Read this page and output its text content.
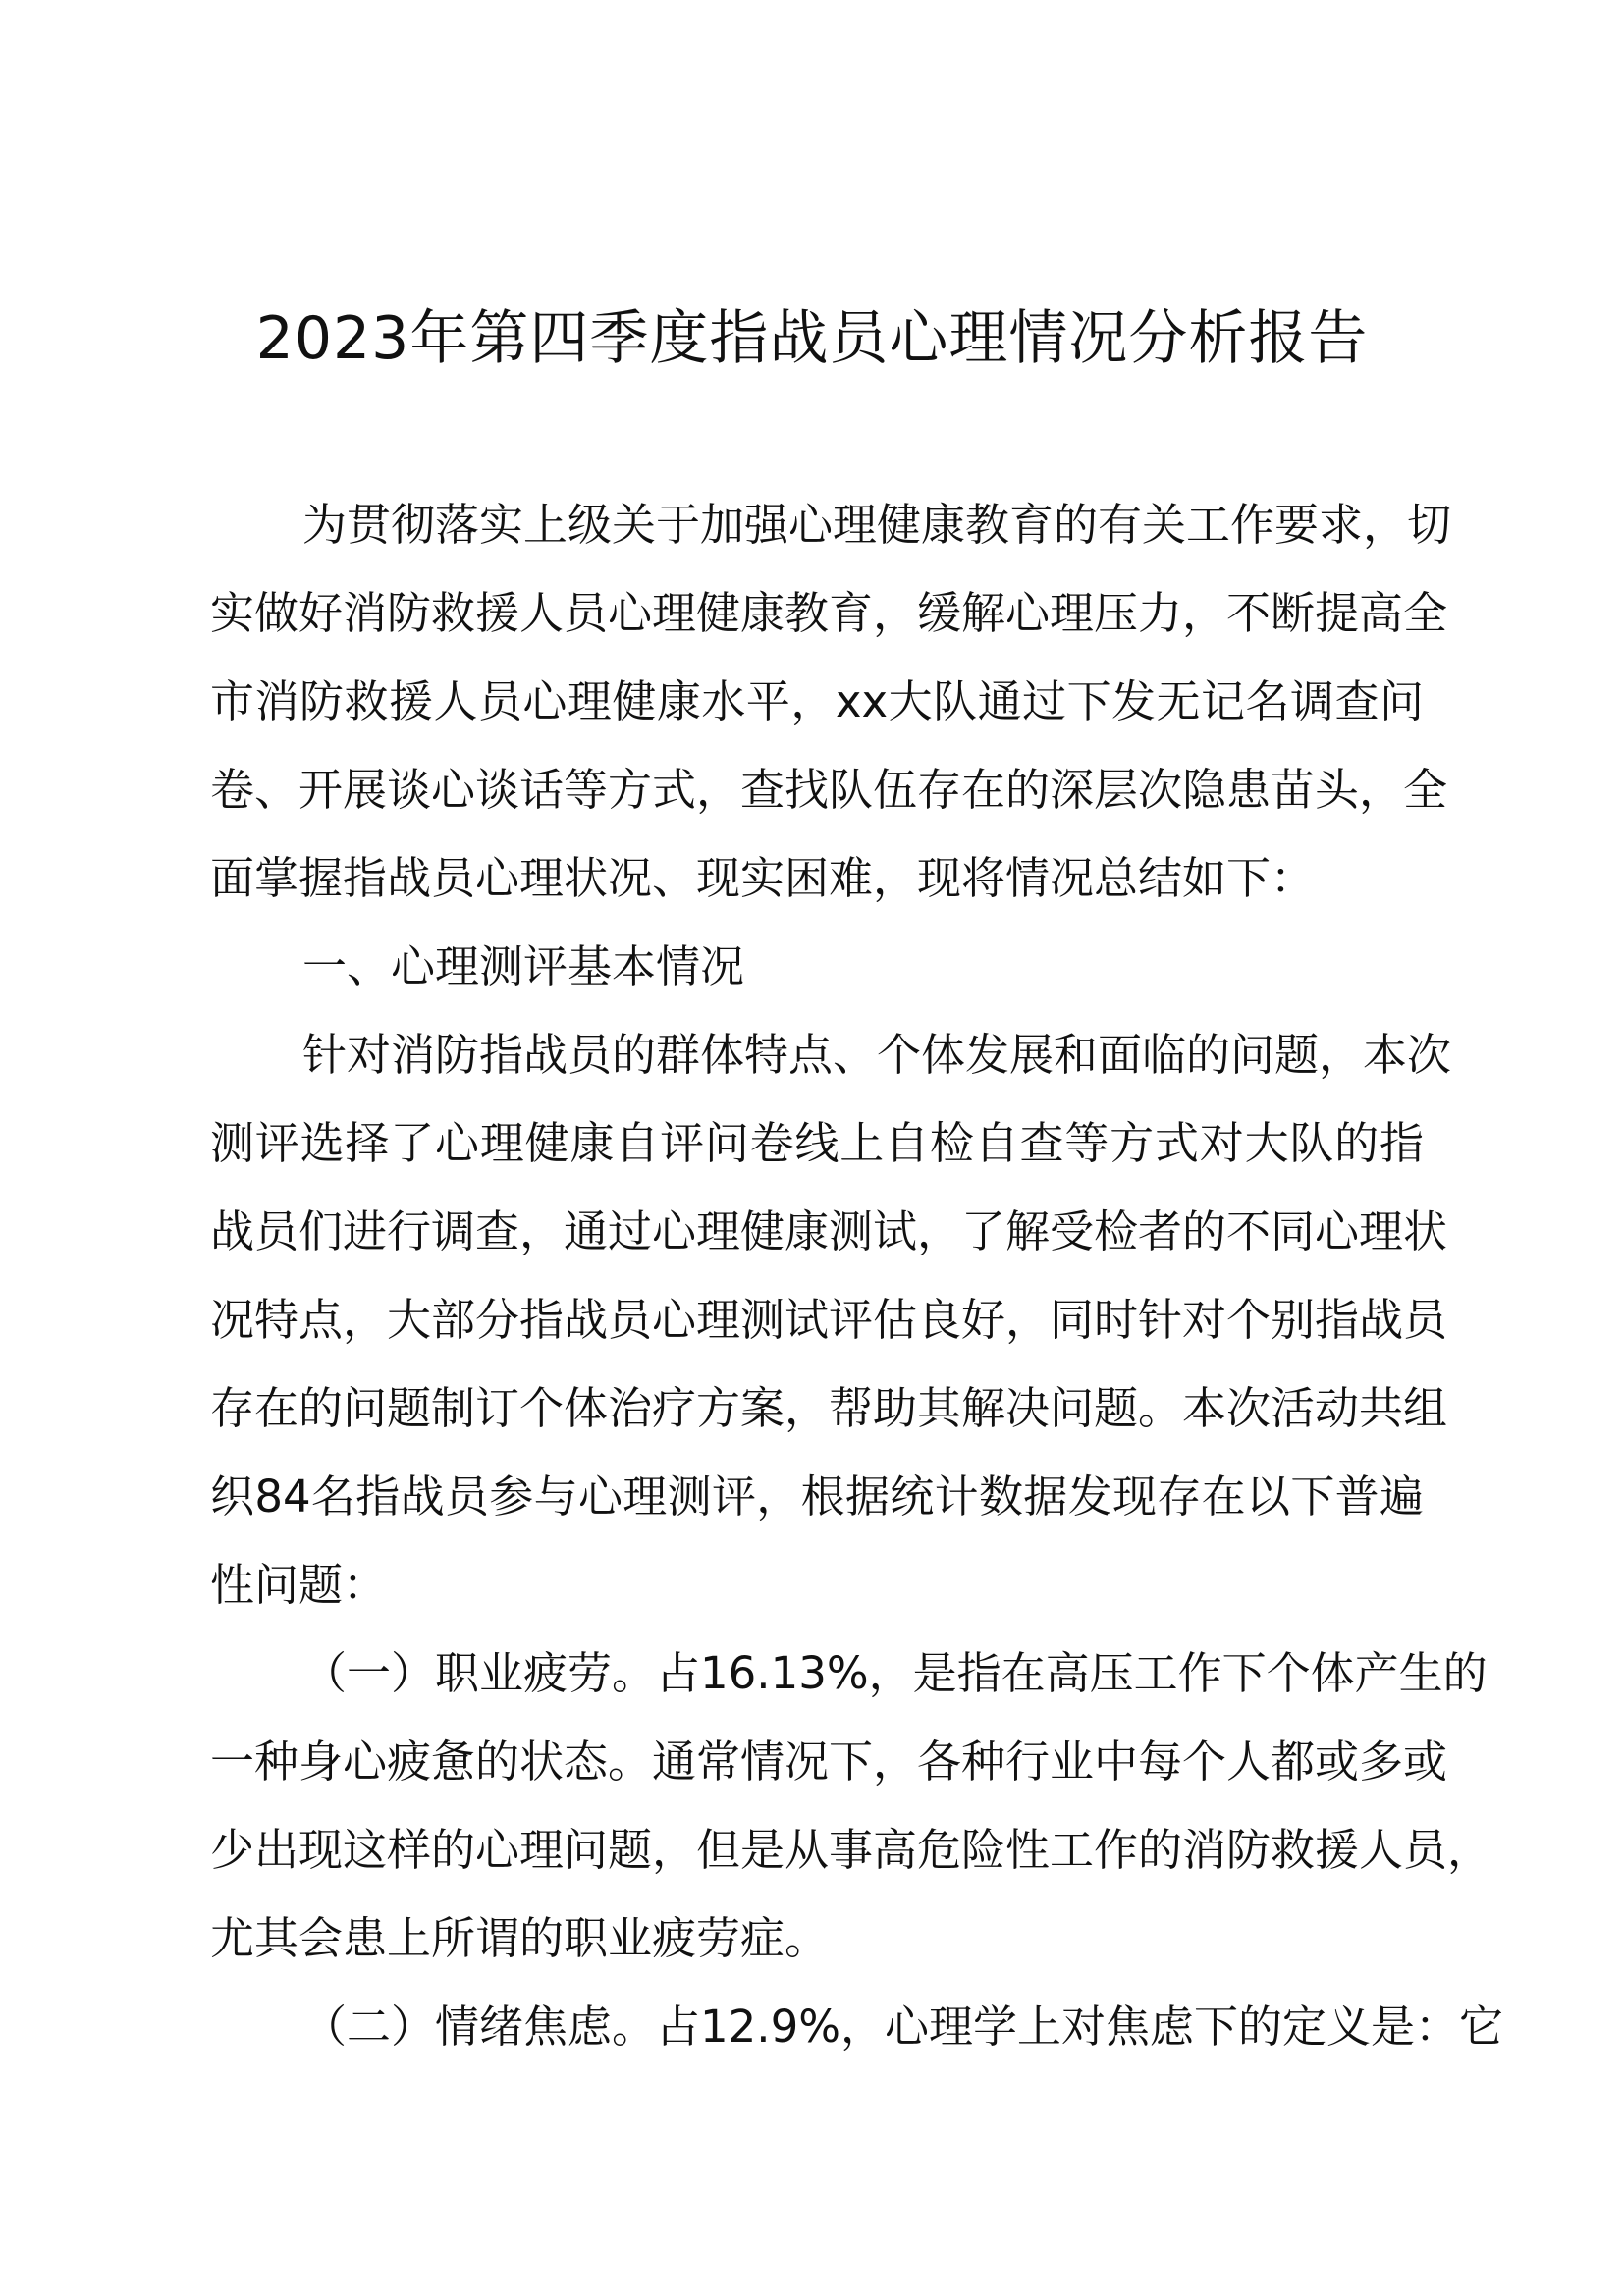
2023年第四季度指战员心理情况分析报告
为贯彻落实上级关于加强心理健康教育的有关工作要求，切
实做好消防救援人员心理健康教育，缓解心理压力，不断提高全
市消防救援人员心理健康水平，xx大队通过下发无记名调查问
卷、开展谈心谈话等方式，查找队伍存在的深层次隐患苗头，全
面掌握指战员心理状况、现实困难，现将情况总结如下：
一、心理测评基本情况
针对消防指战员的群体特点、个体发展和面临的问题，本次
测评选择了心理健康自评问卷线上自检自查等方式对大队的指
战员们进行调查，通过心理健康测试，了解受检者的不同心理状
况特点，大部分指战员心理测试评估良好，同时针对个别指战员
存在的问题制订个体治疗方案，帮助其解决问题。本次活动共组
织84名指战员参与心理测评，根据统计数据发现存在以下普遍
性问题：
（一）职业疲劳。占16.13%，是指在高压工作下个体产生的
一种身心疲惫的状态。通常情况下，各种行业中每个人都或多或
少出现这样的心理问题，但是从事高危险性工作的消防救援人员，
尤其会患上所谓的职业疲劳症。
（二）情绪焦虑。占12.9%，心理学上对焦虑下的定义是：它
